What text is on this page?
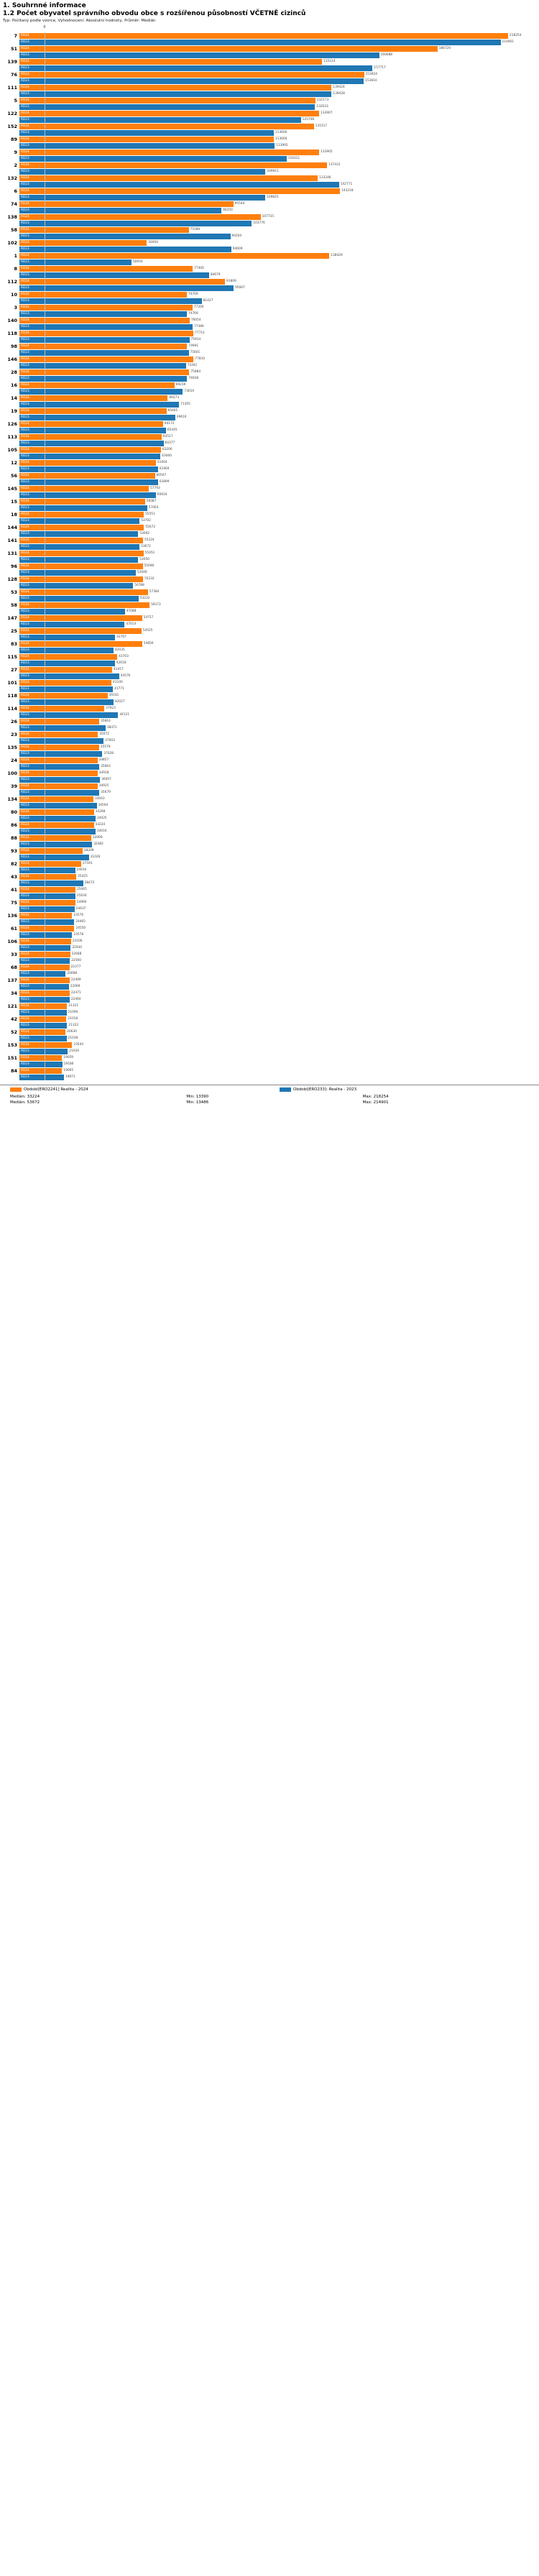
1. Souhrnné informace
1.2 Počet obyvatel správního obvodu obce s rozšířenou působností VČETNĚ cizinců
Typ: Počítaný podle vzorce, Vyhodnocení: Absolutní hodnoty, Průměr: Medián
0
7	RD24	218254
RD23	214901
51	RD24	186720
RD23	160688
139	RD24	135124
RD23	157717
76	RD24	153924
RD23	153810
111	RD24	139424
RD23	139428
5	RD24	132173
RD23	132033
122	RD24	133907
RD23	125708
152	RD24	131517
RD23	113600
89	RD24	113600
RD23	113992
9	RD24	133905
RD23	119311
2	RD24	137431
RD23	109911
132	RD24	133246
RD23	142771
6	RD24	143218
RD23	109825
74	RD24	95544
RD23	90250
138	RD24	107735
RD23	103776
58	RD24	75589
RD23	94204
102	RD24	56950
RD23	94609
1	RD24	138429
RD23	50050
8	RD24	77400
RD23	84679
112	RD24	91809
RD23	95667
10	RD24	74769
RD23	81427
3	RD24	77300
RD23	74769
140	RD24	76054
RD23	77386
118	RD24	77712
RD23	75914
98	RD24	74941
RD23	75601
146	RD24	77810
RD23	74341
28	RD24	75884
RD23	74928
16	RD24	69239
RD23	73010
14	RD24	66273
RD23	71305
19	RD24	65665
RD23	69610
126	RD24	64172
RD23	65445
113	RD24	63517
RD23	64377
105	RD24	63206
RD23	63000
12	RD24	61004
RD23	61904
56	RD24	60507
RD23	61899
145	RD24	57793
RD23	60916
15	RD24	56087
RD23	57063
18	RD24	55551
RD23	53702
144	RD24	55672
RD23	53092
141	RD24	55224
RD23	53672
131	RD24	55451
RD23	53050
96	RD24	55048
RD23	52006
128	RD24	55232
RD23	50788
53	RD24	57384
RD23	53232
58	RD24	58172
RD23	47088
147	RD24	54757
RD23	47014
25	RD24	54525
RD23	42767
83	RD24	54856
RD23	42035
115	RD24	43703
RD23	42618
27	RD24	41417
RD23	44576
101	RD24	41100
RD23	41771
118	RD24	39331
RD23	42027
114	RD24	37923
RD23	44121
26	RD24	35663
RD23	38471
23	RD24	35072
RD23	37603
135	RD24	35579
RD23	37028
24	RD24	34857
RD23	35663
100	RD24	34918
RD23	36007
39	RD24	34925
RD23	35679
134	RD24	33043
RD23	34504
80	RD24	33298
RD23	34025
86	RD24	33224
RD23	34016
88	RD24	32069
RD23	32482
93	RD24	28209
RD23	31026
82	RD24	27591
RD23	24916
43	RD24	25425
RD23	28472
41	RD24	25065
RD23	25034
75	RD24	24990
RD23	24637
136	RD24	23576
RD23	24465
61	RD24	24550
RD23	23578
106	RD24	23106
RD23	22930
33	RD24	22688
RD23	22560
68	RD24	22377
RD23	20698
137	RD24	22469
RD23	22069
34	RD24	22471
RD23	22460
121	RD24	21321
RD23	21090
42	RD24	21018
RD23	21322
52	RD24	20630
RD23	21038
153	RD24	23544
RD23	21630
151	RD24	19059
RD23	19186
84	RD24	19065
RD23	19873
Obdobi[ERO2241] Realita - 2024	Obdobi[ERO233]: Realita - 2023
Medián: 33224
Medián: 53672
Min: 13390
Min: 13486
Max: 218254
Max: 214901
